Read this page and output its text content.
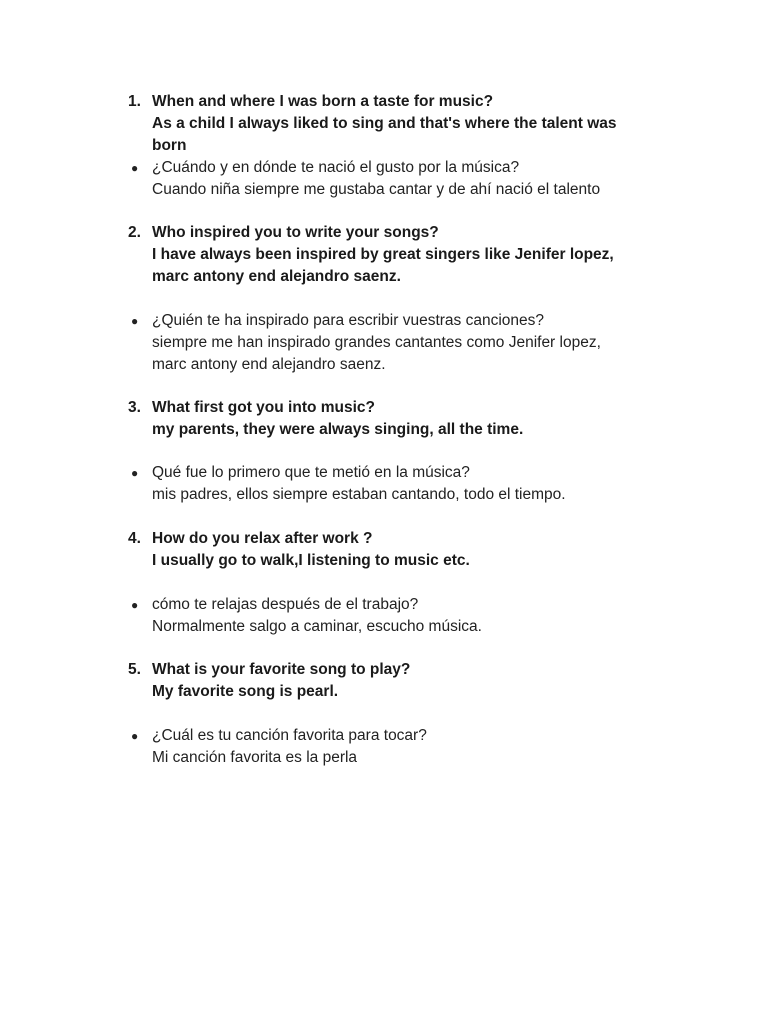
1. When and where I was born a taste for music?
As a child I always liked to sing and that's where the talent was
born
● ¿Cuándo y en dónde te nació el gusto por la música?
Cuando niña siempre me gustaba cantar y de ahí nació el talento
2. Who inspired you to write your songs?
I have always been inspired by great singers like Jenifer lopez,
marc antony end alejandro saenz.
● ¿Quién te ha inspirado para escribir vuestras canciones?
siempre me han inspirado grandes cantantes como Jenifer lopez,
marc antony end alejandro saenz.
3. What first got you into music?
my parents, they were always singing, all the time.
● Qué fue lo primero que te metió en la música?
mis padres, ellos siempre estaban cantando, todo el tiempo.
4. How do you relax after work ?
I usually go to walk,I listening to music etc.
● cómo te relajas después de el trabajo?
Normalmente salgo a caminar, escucho música.
5. What is your favorite song to play?
My favorite song is pearl.
● ¿Cuál es tu canción favorita para tocar?
Mi canción favorita es la perla
